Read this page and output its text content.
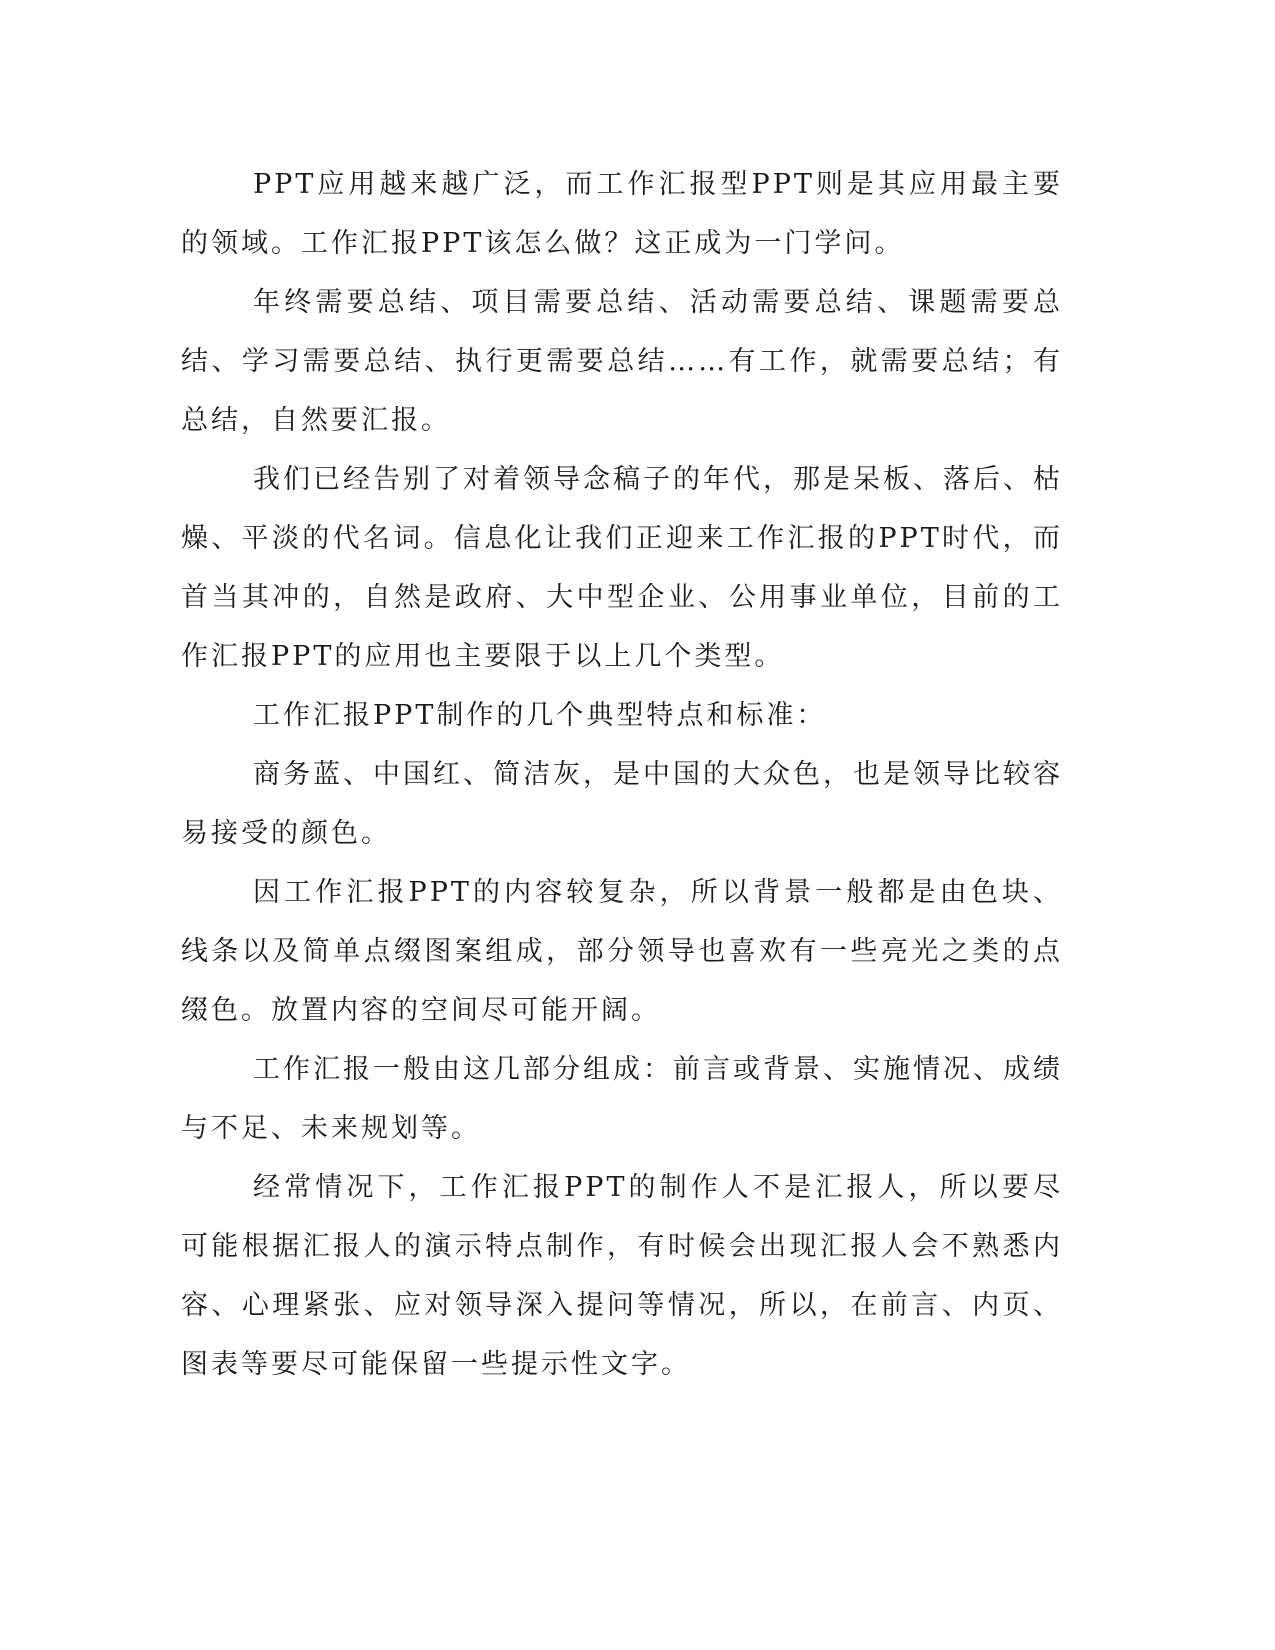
PPT应用越来越广泛，而工作汇报型PPT则是其应用最主要的领域。工作汇报PPT该怎么做？这正成为一门学问。

年终需要总结、项目需要总结、活动需要总结、课题需要总结、学习需要总结、执行更需要总结……有工作，就需要总结；有总结，自然要汇报。

我们已经告别了对着领导念稿子的年代，那是呆板、落后、枯燥、平淡的代名词。信息化让我们正迎来工作汇报的PPT时代，而首当其冲的，自然是政府、大中型企业、公用事业单位，目前的工作汇报PPT的应用也主要限于以上几个类型。

工作汇报PPT制作的几个典型特点和标准：

商务蓝、中国红、简洁灰，是中国的大众色，也是领导比较容易接受的颜色。

因工作汇报PPT的内容较复杂，所以背景一般都是由色块、线条以及简单点缀图案组成，部分领导也喜欢有一些亮光之类的点缀色。放置内容的空间尽可能开阔。

工作汇报一般由这几部分组成：前言或背景、实施情况、成绩与不足、未来规划等。

经常情况下，工作汇报PPT的制作人不是汇报人，所以要尽可能根据汇报人的演示特点制作，有时候会出现汇报人会不熟悉内容、心理紧张、应对领导深入提问等情况，所以，在前言、内页、图表等要尽可能保留一些提示性文字。
